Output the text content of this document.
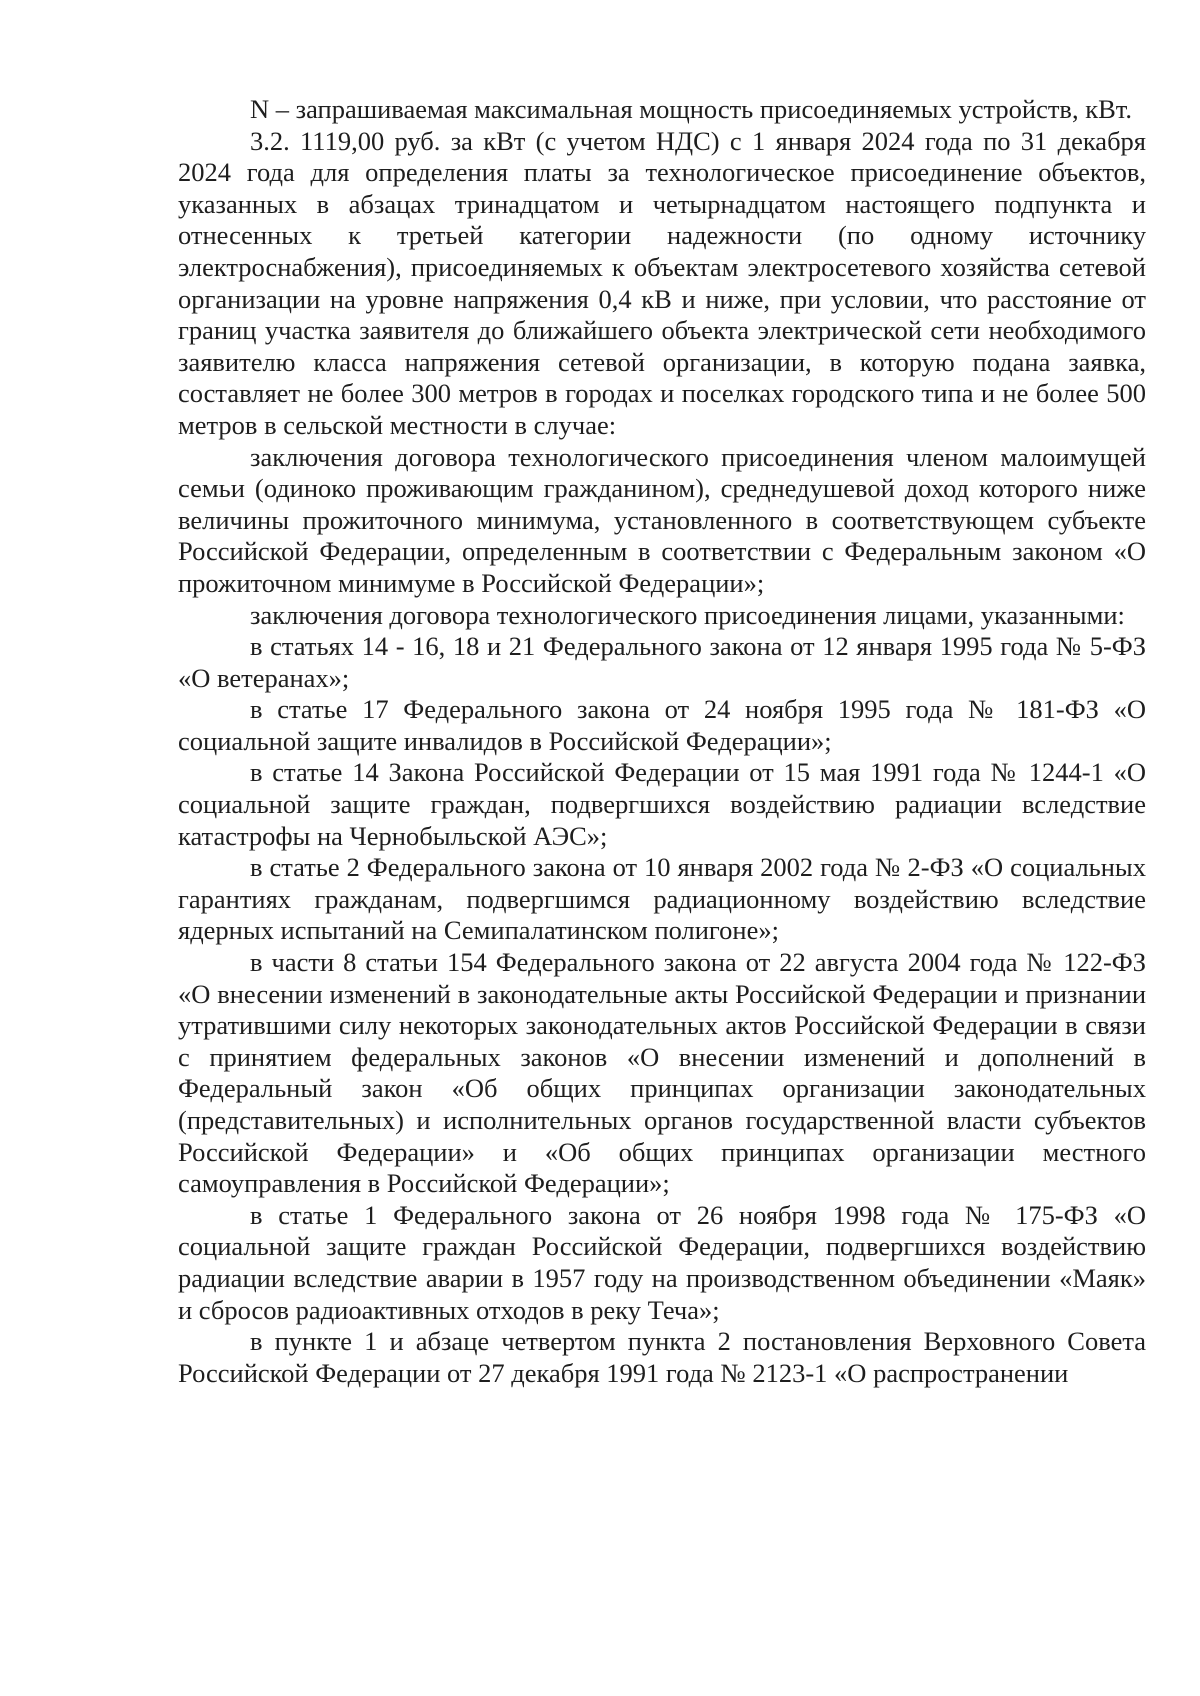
N – запрашиваемая максимальная мощность присоединяемых устройств, кВт.

3.2. 1119,00 руб. за кВт (с учетом НДС) с 1 января 2024 года по 31 декабря 2024 года для определения платы за технологическое присоединение объектов, указанных в абзацах тринадцатом и четырнадцатом настоящего подпункта и отнесенных к третьей категории надежности (по одному источнику электроснабжения), присоединяемых к объектам электросетевого хозяйства сетевой организации на уровне напряжения 0,4 кВ и ниже, при условии, что расстояние от границ участка заявителя до ближайшего объекта электрической сети необходимого заявителю класса напряжения сетевой организации, в которую подана заявка, составляет не более 300 метров в городах и поселках городского типа и не более 500 метров в сельской местности в случае:

заключения договора технологического присоединения членом малоимущей семьи (одиноко проживающим гражданином), среднедушевой доход которого ниже величины прожиточного минимума, установленного в соответствующем субъекте Российской Федерации, определенным в соответствии с Федеральным законом «О прожиточном минимуме в Российской Федерации»;

заключения договора технологического присоединения лицами, указанными:

в статьях 14 - 16, 18 и 21 Федерального закона от 12 января 1995 года № 5-ФЗ «О ветеранах»;

в статье 17 Федерального закона от 24 ноября 1995 года № 181-ФЗ «О социальной защите инвалидов в Российской Федерации»;

в статье 14 Закона Российской Федерации от 15 мая 1991 года № 1244-1 «О социальной защите граждан, подвергшихся воздействию радиации вследствие катастрофы на Чернобыльской АЭС»;

в статье 2 Федерального закона от 10 января 2002 года № 2-ФЗ «О социальных гарантиях гражданам, подвергшимся радиационному воздействию вследствие ядерных испытаний на Семипалатинском полигоне»;

в части 8 статьи 154 Федерального закона от 22 августа 2004 года № 122-ФЗ «О внесении изменений в законодательные акты Российской Федерации и признании утратившими силу некоторых законодательных актов Российской Федерации в связи с принятием федеральных законов «О внесении изменений и дополнений в Федеральный закон «Об общих принципах организации законодательных (представительных) и исполнительных органов государственной власти субъектов Российской Федерации» и «Об общих принципах организации местного самоуправления в Российской Федерации»;

в статье 1 Федерального закона от 26 ноября 1998 года № 175-ФЗ «О социальной защите граждан Российской Федерации, подвергшихся воздействию радиации вследствие аварии в 1957 году на производственном объединении «Маяк» и сбросов радиоактивных отходов в реку Теча»;

в пункте 1 и абзаце четвертом пункта 2 постановления Верховного Совета Российской Федерации от 27 декабря 1991 года № 2123-1 «О распространении
